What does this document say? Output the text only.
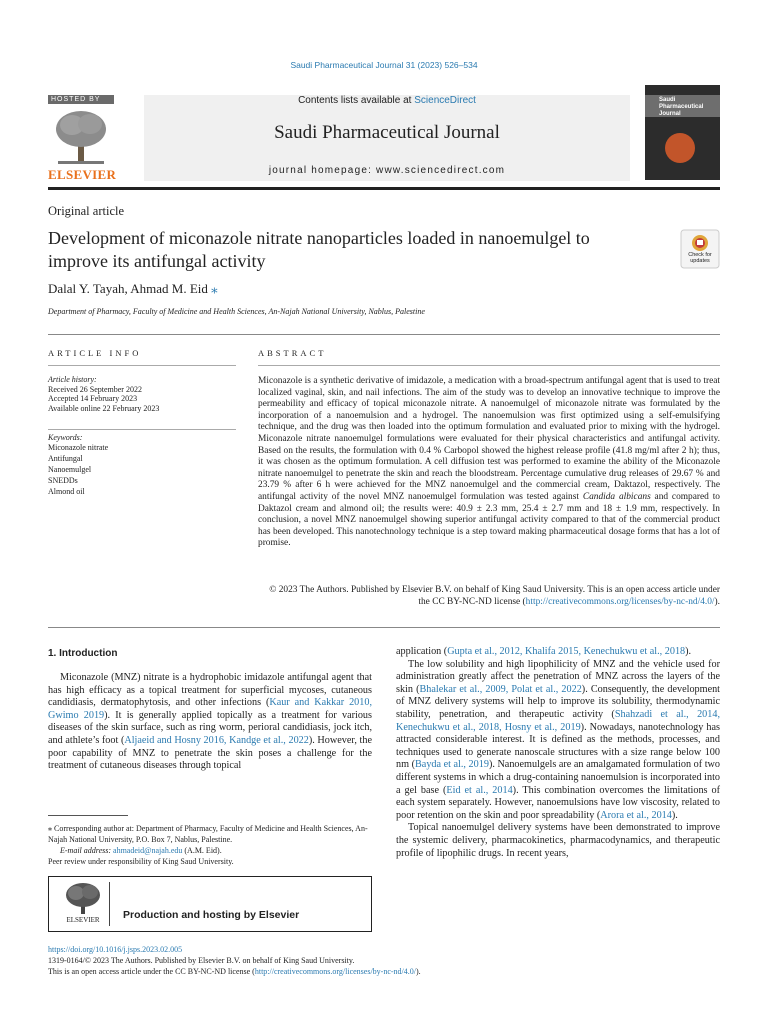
Saudi Pharmaceutical Journal 31 (2023) 526–534
HOSTED BY
ELSEVIER
Contents lists available at ScienceDirect
Saudi Pharmaceutical Journal
journal homepage: www.sciencedirect.com
Saudi
Pharmaceutical
Journal
Original article
Development of miconazole nitrate nanoparticles loaded in nanoemulgel to improve its antifungal activity	Check for updates
Dalal Y. Tayah, Ahmad M. Eid ⁎
Department of Pharmacy, Faculty of Medicine and Health Sciences, An-Najah National University, Nablus, Palestine
ARTICLE INFO	ABSTRACT
Article history:
Received 26 September 2022
Accepted 14 February 2023
Available online 22 February 2023
Keywords:
Miconazole nitrate
Antifungal
Nanoemulgel
SNEDDs
Almond oil
Miconazole is a synthetic derivative of imidazole, a medication with a broad-spectrum antifungal agent that is used to treat localized vaginal, skin, and nail infections. The aim of the study was to develop an innovative technique to improve the permeability and efficacy of topical miconazole nitrate. A nanoemulgel of miconazole nitrate was formulated by the incorporation of a nanoemulsion and a hydrogel. The nanoemulsion was first optimized using a self-emulsifying technique, and the drug was then loaded into the optimum formulation and evaluated prior to mixing with the hydrogel. Miconazole nitrate nanoemulgel formulations were evaluated for their physical characteristics and antifungal activity. Based on the results, the formulation with 0.4 % Carbopol showed the highest release profile (41.8 mg/ml after 2 h); thus, it was chosen as the optimum formulation. A cell diffusion test was performed to examine the ability of the Miconazole nitrate nanoemulgel to penetrate the skin and reach the bloodstream. Percentage cumulative drug releases of 29.67 % and 23.79 % after 6 h were achieved for the MNZ nanoemulgel and the commercial cream, Daktazol, respectively. The antifungal activity of the novel MNZ nanoemulgel formulation was tested against Candida albicans and compared to Daktazol cream and almond oil; the results were: 40.9 ± 2.3 mm, 25.4 ± 2.7 mm and 18 ± 1.9 mm, respectively. In conclusion, a novel MNZ nanoemulgel showing superior antifungal activity compared to that of the commercial product has been developed. This nanotechnology technique is a step toward making pharmaceutical dosage forms that has a lot of promise.
© 2023 The Authors. Published by Elsevier B.V. on behalf of King Saud University. This is an open access article under the CC BY-NC-ND license (http://creativecommons.org/licenses/by-nc-nd/4.0/).
1. Introduction

Miconazole (MNZ) nitrate is a hydrophobic imidazole antifungal agent that has high efficacy as a topical treatment for superficial mycoses, cutaneous candidiasis, dermatophytosis, and other infections (Kaur and Kakkar 2010, Gwimo 2019). It is generally applied topically as a treatment for various diseases of the skin surface, such as ring worm, perioral candidiasis, jock itch, and athlete’s foot (Aljaeid and Hosny 2016, Kandge et al., 2022). However, the poor capability of MNZ to penetrate the skin poses a challenge for the treatment of cutaneous diseases through topical

application (Gupta et al., 2012, Khalifa 2015, Kenechukwu et al., 2018).

The low solubility and high lipophilicity of MNZ and the vehicle used for administration greatly affect the penetration of MNZ across the layers of the skin (Bhalekar et al., 2009, Polat et al., 2022). Consequently, the development of MNZ delivery systems will help to improve its solubility, thermodynamic stability, penetration, and therapeutic activity (Shahzadi et al., 2014, Kenechukwu et al., 2018, Hosny et al., 2019). Nowadays, nanotechnology has attracted considerable interest. It is defined as the methods, processes, and techniques used to generate nanoscale structures with a size range below 100 nm (Bayda et al., 2019). Nanoemulgels are an amalgamated formulation of two different systems in which a drug-containing nanoemulsion is incorporated into a gel base (Eid et al., 2014). This combination overcomes the limitations of each system separately. However, nanoemulsions have low viscosity, related to poor retention on the skin and poor spreadability (Arora et al., 2014).

Topical nanoemulgel delivery systems have been demonstrated to improve the systemic delivery, pharmacokinetics, pharmacodynamics, and therapeutic profile of lipophilic drugs. In recent years,

⁎ Corresponding author at: Department of Pharmacy, Faculty of Medicine and Health Sciences, An-Najah National University, P.O. Box 7, Nablus, Palestine.
E-mail address: ahmadeid@najah.edu (A.M. Eid).
Peer review under responsibility of King Saud University.
ELSEVIER	Production and hosting by Elsevier
https://doi.org/10.1016/j.jsps.2023.02.005
1319-0164/© 2023 The Authors. Published by Elsevier B.V. on behalf of King Saud University.
This is an open access article under the CC BY-NC-ND license (http://creativecommons.org/licenses/by-nc-nd/4.0/).
